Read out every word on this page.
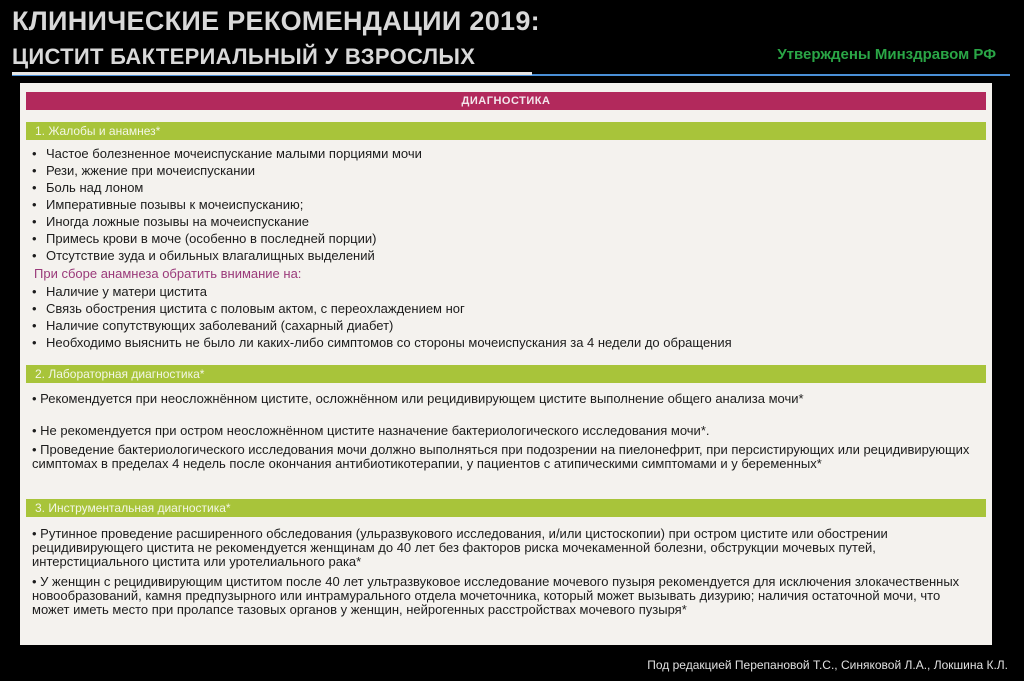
КЛИНИЧЕСКИЕ РЕКОМЕНДАЦИИ 2019:
ЦИСТИТ БАКТЕРИАЛЬНЫЙ У ВЗРОСЛЫХ	Утверждены Минздравом РФ
ДИАГНОСТИКА
1. Жалобы и анамнез*
• Частое болезненное мочеиспускание малыми порциями мочи
• Рези, жжение при мочеиспускании
• Боль над лоном
• Императивные позывы к мочеиспусканию;
• Иногда ложные позывы на мочеиспускание
• Примесь крови в моче (особенно в последней порции)
• Отсутствие зуда и обильных влагалищных выделений
При сборе анамнеза обратить внимание на:
• Наличие у матери цистита
• Связь обострения цистита с половым актом, с переохлаждением ног
• Наличие сопутствующих заболеваний (сахарный диабет)
• Необходимо выяснить не было ли каких-либо симптомов со стороны мочеиспускания за 4 недели до обращения
2. Лабораторная диагностика*
• Рекомендуется при неосложнённом цистите, осложнённом или рецидивирующем цистите выполнение общего анализа мочи*
• Не рекомендуется при остром неосложнённом цистите назначение бактериологического исследования мочи*.
• Проведение бактериологического исследования мочи должно выполняться при подозрении на пиелонефрит, при персистирующих или рецидивирующих симптомах в пределах 4 недель после окончания антибиотикотерапии, у пациентов с атипическими симптомами и у беременных*
3. Инструментальная диагностика*
• Рутинное проведение расширенного обследования (ульразвукового исследования, и/или цистоскопии) при остром цистите или обострении рецидивирующего цистита не рекомендуется женщинам до 40 лет без факторов риска мочекаменной болезни, обструкции мочевых путей, интерстициального цистита или уротелиального рака*
• У женщин с рецидивирующим циститом после 40 лет ультразвуковое исследование мочевого пузыря рекомендуется для исключения злокачественных новообразований, камня предпузырного или интрамурального отдела мочеточника, который может вызывать дизурию; наличия остаточной мочи, что может иметь место при пролапсе тазовых органов у женщин, нейрогенных расстройствах мочевого пузыря*
Под редакцией Перепановой Т.С., Синяковой Л.А., Локшина К.Л.
